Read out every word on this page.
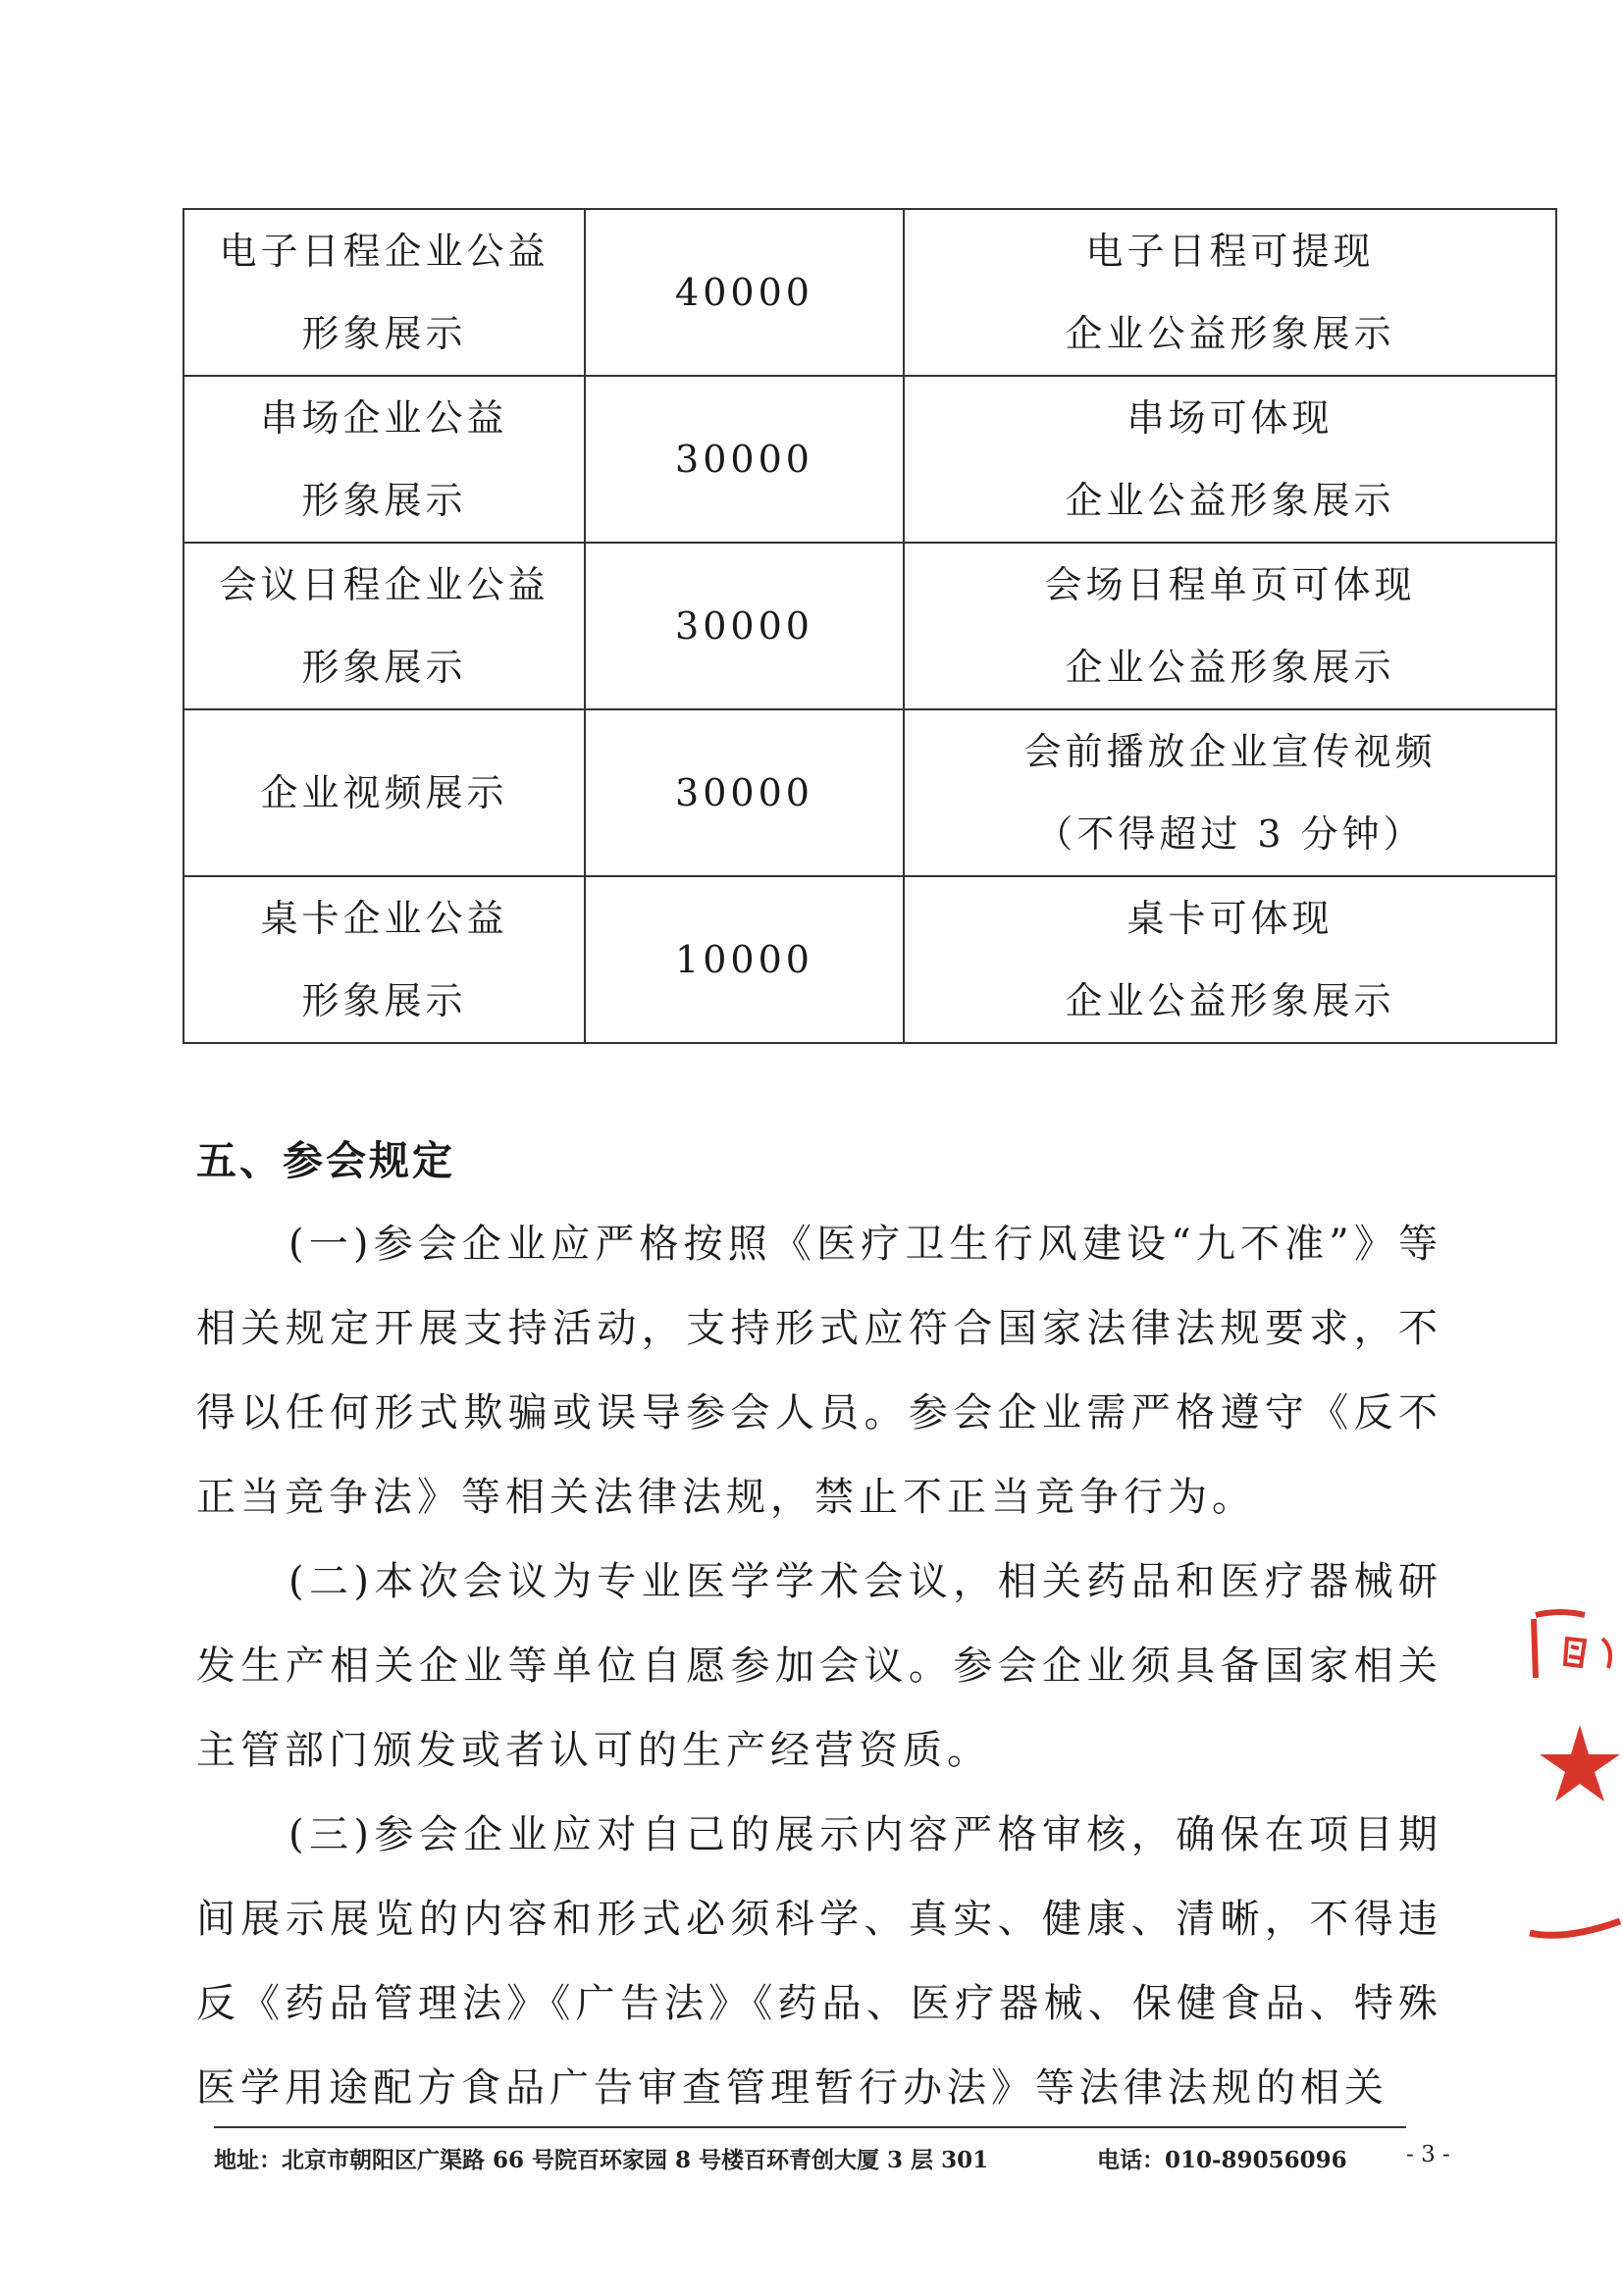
电子日程企业公益
形象展示	40000	电子日程可提现
企业公益形象展示

串场企业公益
形象展示	30000	串场可体现
企业公益形象展示

会议日程企业公益
形象展示	30000	会场日程单页可体现
企业公益形象展示

企业视频展示	30000	会前播放企业宣传视频
（不得超过 3 分钟）

桌卡企业公益
形象展示	10000	桌卡可体现
企业公益形象展示
五、参会规定

(一)参会企业应严格按照《医疗卫生行风建设“九不准”》等相关规定开展支持活动，支持形式应符合国家法律法规要求，不得以任何形式欺骗或误导参会人员。参会企业需严格遵守《反不正当竞争法》等相关法律法规，禁止不正当竞争行为。

(二)本次会议为专业医学学术会议，相关药品和医疗器械研发生产相关企业等单位自愿参加会议。参会企业须具备国家相关主管部门颁发或者认可的生产经营资质。

(三)参会企业应对自己的展示内容严格审核，确保在项目期间展示展览的内容和形式必须科学、真实、健康、清晰，不得违反《药品管理法》《广告法》《药品、医疗器械、保健食品、特殊医学用途配方食品广告审查管理暂行办法》等法律法规的相关

地址：北京市朝阳区广渠路 66 号院百环家园 8 号楼百环青创大厦 3 层 301	电话：010-89056096	- 3 -
